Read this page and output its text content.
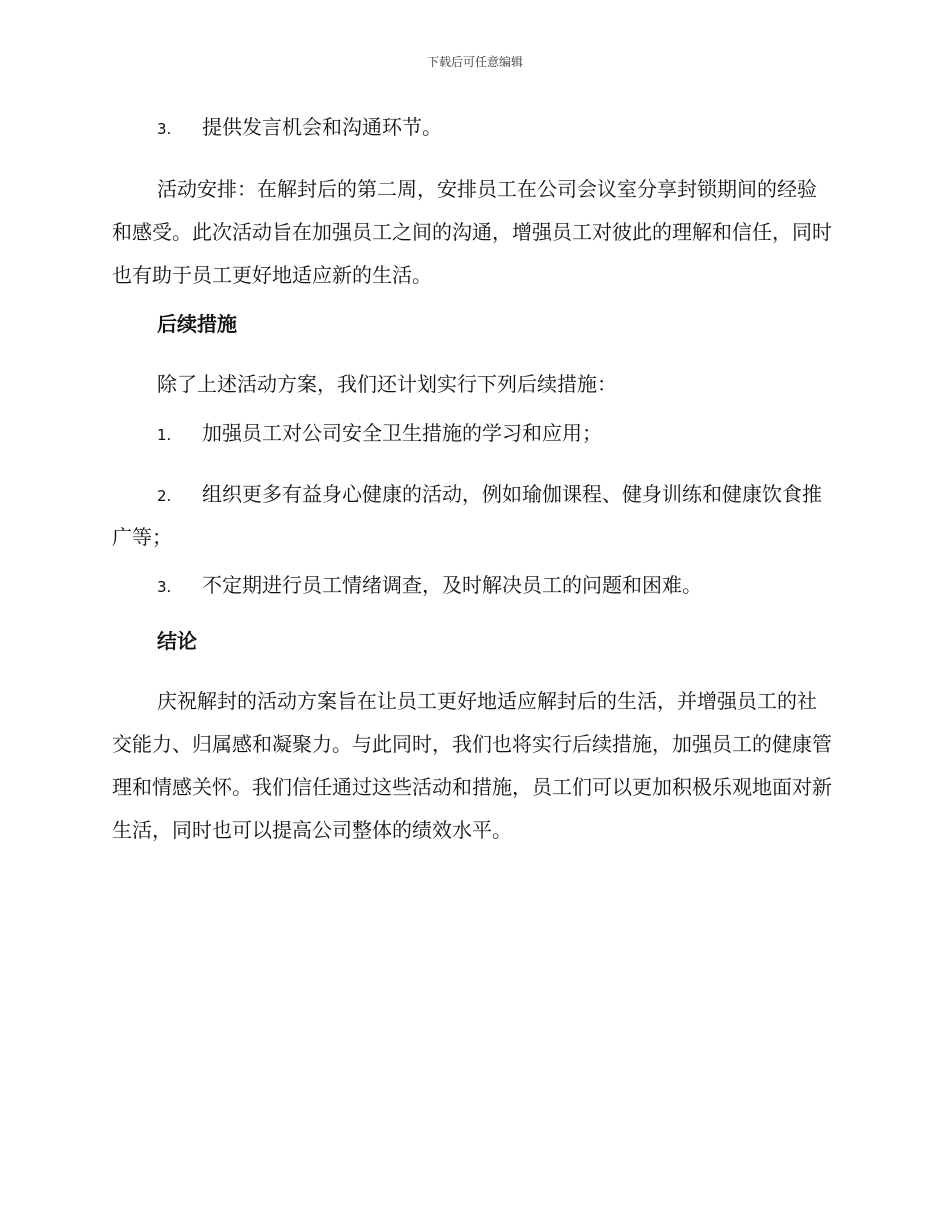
下载后可任意编辑
3. 提供发言机会和沟通环节。
活动安排：在解封后的第二周，安排员工在公司会议室分享封锁期间的经验和感受。此次活动旨在加强员工之间的沟通，增强员工对彼此的理解和信任，同时也有助于员工更好地适应新的生活。
后续措施
除了上述活动方案，我们还计划实行下列后续措施：
1. 加强员工对公司安全卫生措施的学习和应用；
2. 组织更多有益身心健康的活动，例如瑜伽课程、健身训练和健康饮食推广等；
3. 不定期进行员工情绪调查，及时解决员工的问题和困难。
结论
庆祝解封的活动方案旨在让员工更好地适应解封后的生活，并增强员工的社交能力、归属感和凝聚力。与此同时，我们也将实行后续措施，加强员工的健康管理和情感关怀。我们信任通过这些活动和措施，员工们可以更加积极乐观地面对新生活，同时也可以提高公司整体的绩效水平。
